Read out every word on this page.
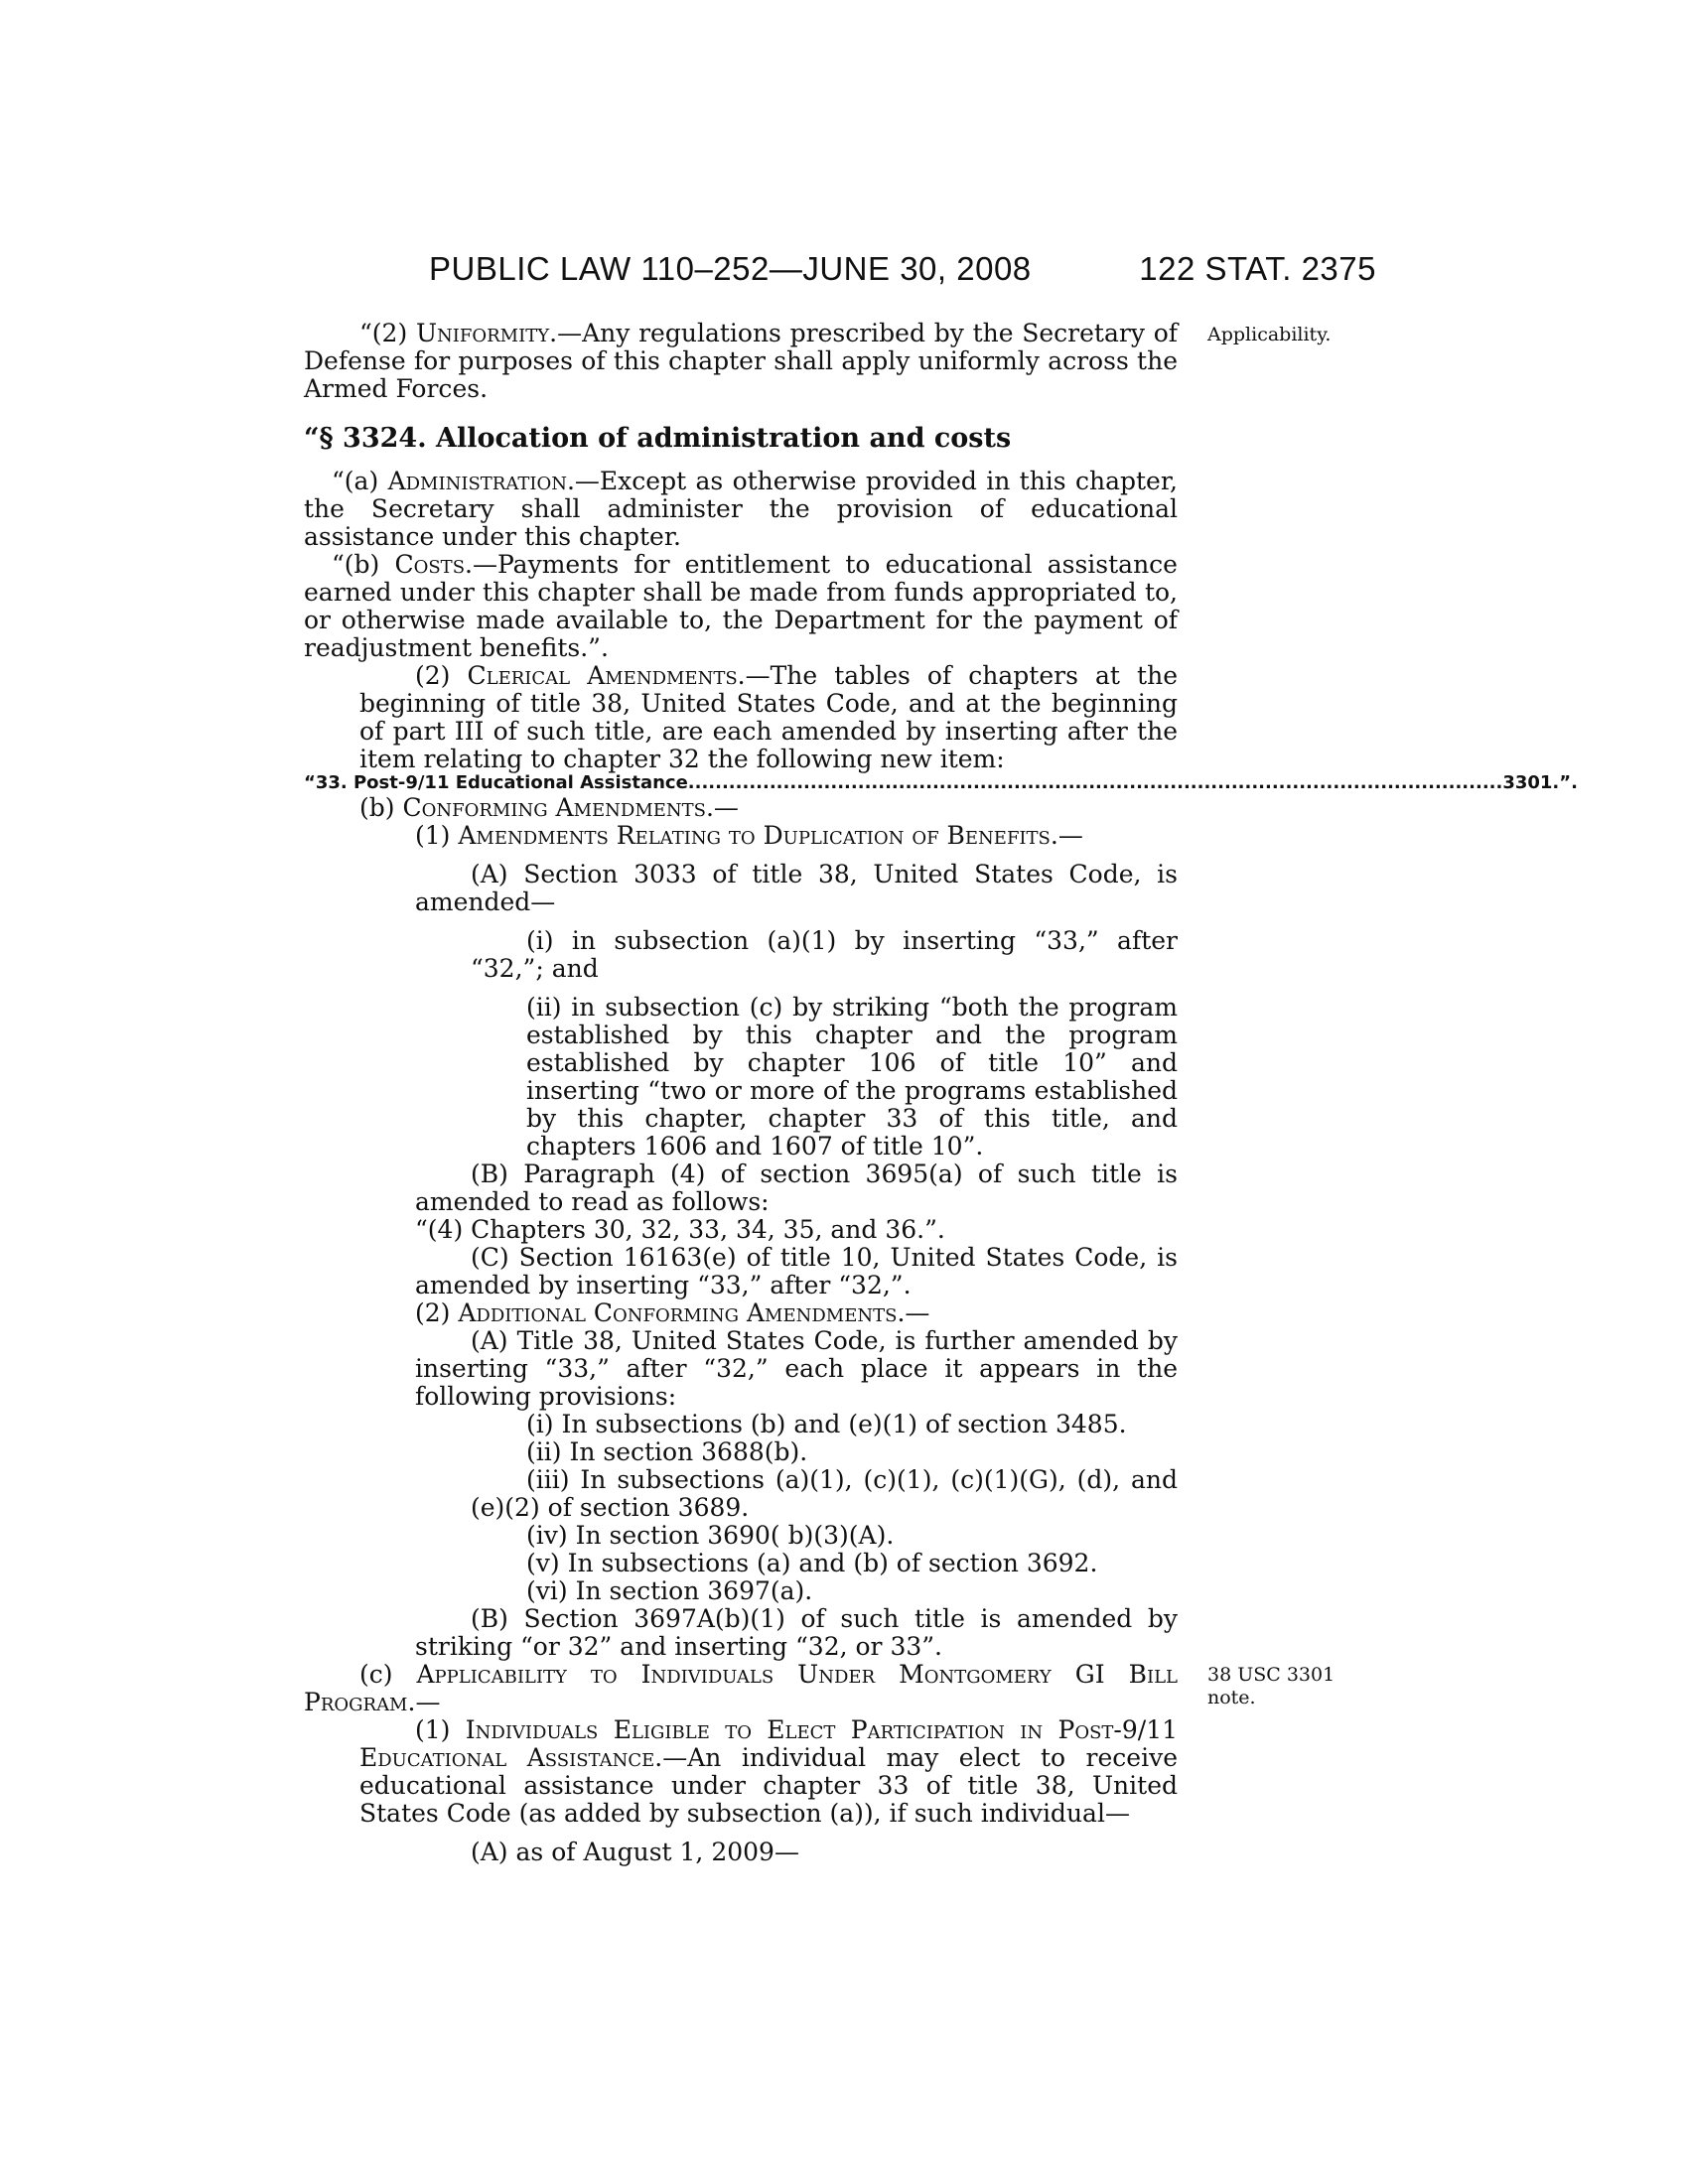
PUBLIC LAW 110–252—JUNE 30, 2008	122 STAT. 2375
Applicability.
38 USC 3301
note.

“(2) Uniformity.—Any regulations prescribed by the Secretary of Defense for purposes of this chapter shall apply uniformly across the Armed Forces.

“§ 3324. Allocation of administration and costs

“(a) Administration.—Except as otherwise provided in this chapter, the Secretary shall administer the provision of educational assistance under this chapter.

“(b) Costs.—Payments for entitlement to educational assistance earned under this chapter shall be made from funds appropriated to, or otherwise made available to, the Department for the payment of readjustment benefits.”.

(2) Clerical Amendments.—The tables of chapters at the beginning of title 38, United States Code, and at the beginning of part III of such title, are each amended by inserting after the item relating to chapter 32 the following new item:

“33. Post-9/11 Educational Assistance ........................................................................................................................ 3301.”.

(b) Conforming Amendments.—

(1) Amendments Relating to Duplication of Benefits.—

(A) Section 3033 of title 38, United States Code, is amended—

(i) in subsection (a)(1) by inserting “33,” after “32,”; and

(ii) in subsection (c) by striking “both the program established by this chapter and the program established by chapter 106 of title 10” and inserting “two or more of the programs established by this chapter, chapter 33 of this title, and chapters 1606 and 1607 of title 10”.

(B) Paragraph (4) of section 3695(a) of such title is amended to read as follows:

“(4) Chapters 30, 32, 33, 34, 35, and 36.”.

(C) Section 16163(e) of title 10, United States Code, is amended by inserting “33,” after “32,”.

(2) Additional Conforming Amendments.—

(A) Title 38, United States Code, is further amended by inserting “33,” after “32,” each place it appears in the following provisions:

(i) In subsections (b) and (e)(1) of section 3485.

(ii) In section 3688(b).

(iii) In subsections (a)(1), (c)(1), (c)(1)(G), (d), and (e)(2) of section 3689.

(iv) In section 3690( b)(3)(A).

(v) In subsections (a) and (b) of section 3692.

(vi) In section 3697(a).

(B) Section 3697A(b)(1) of such title is amended by striking “or 32” and inserting “32, or 33”.

(c) Applicability to Individuals Under Montgomery GI Bill Program.—

(1) Individuals Eligible to Elect Participation in Post-9/11 Educational Assistance.—An individual may elect to receive educational assistance under chapter 33 of title 38, United States Code (as added by subsection (a)), if such individual—

(A) as of August 1, 2009—
